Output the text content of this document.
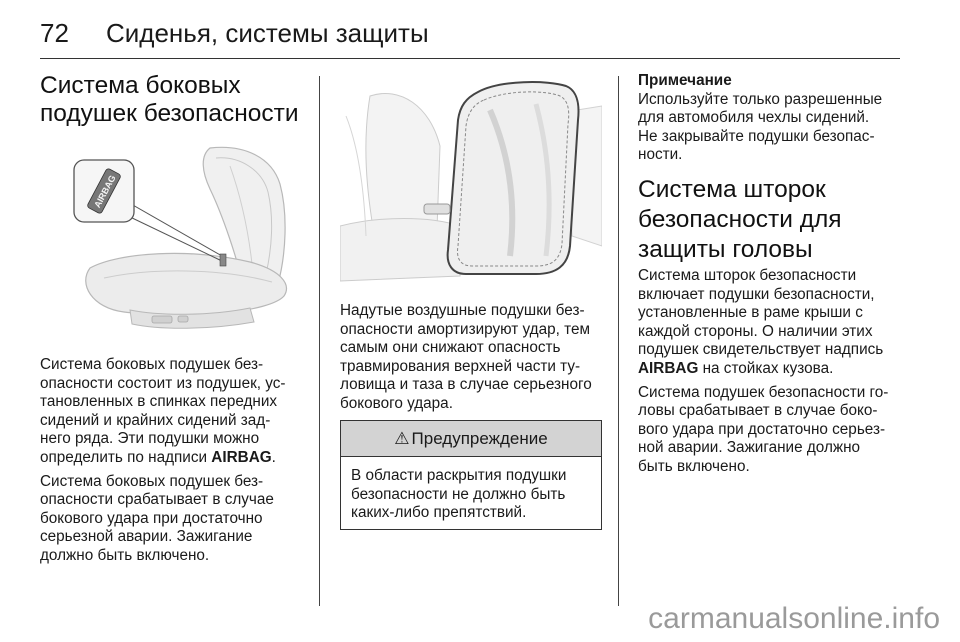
72 Сиденья, системы защиты
Система боковых
подушек безопасности
AIRBAG
Система боковых подушек без-
опасности состоит из подушек, ус-
тановленных в спинках передних
сидений и крайних сидений зад-
него ряда. Эти подушки можно
определить по надписи AIRBAG.
Система боковых подушек без-
опасности срабатывает в случае
бокового удара при достаточно
серьезной аварии. Зажигание
должно быть включено.
Надутые воздушные подушки без-
опасности амортизируют удар, тем
самым они снижают опасность
травмирования верхней части ту-
ловища и таза в случае серьезного
бокового удара.
⚠ Предупреждение
В области раскрытия подушки
безопасности не должно быть
каких-либо препятствий.
Примечание
Используйте только разрешенные
для автомобиля чехлы сидений.
Не закрывайте подушки безопас-
ности.
Система шторок
безопасности для
защиты головы
Система шторок безопасности
включает подушки безопасности,
установленные в раме крыши с
каждой стороны. О наличии этих
подушек свидетельствует надпись
AIRBAG на стойках кузова.
Система подушек безопасности го-
ловы срабатывает в случае боко-
вого удара при достаточно серьез-
ной аварии. Зажигание должно
быть включено.
carmanualsonline.info
